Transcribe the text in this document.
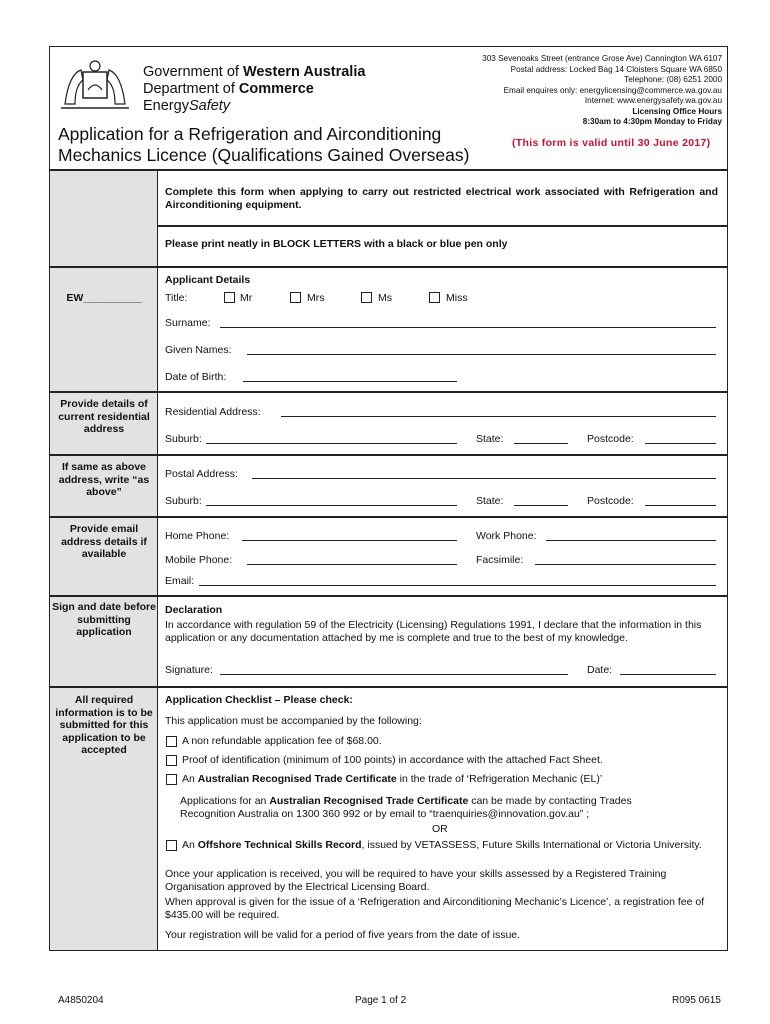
Government of Western Australia
Department of Commerce
EnergySafety
303 Sevenoaks Street (entrance Grose Ave) Cannington WA 6107
Postal address: Locked Bag 14 Cloisters Square WA 6850
Telephone: (08) 6251 2000
Email enquires only: energylicensing@commerce.wa.gov.au
Internet: www.energysafety.wa.gov.au
Licensing Office Hours
8:30am to 4:30pm Monday to Friday
Application for a Refrigeration and Airconditioning
Mechanics Licence (Qualifications Gained Overseas)
(This form is valid until 30 June 2017)
Complete this form when applying to carry out restricted electrical work associated with Refrigeration and Airconditioning equipment.
Please print neatly in BLOCK LETTERS with a black or blue pen only
EW__________
Applicant Details
Title:	Mr	Mrs	Ms	Miss
Surname:
Given Names:
Date of Birth:
Provide details of current residential address
Residential Address:
Suburb:	State:	Postcode:
If same as above address, write “as above”
Postal Address:
Suburb:	State:	Postcode:
Provide email address details if available
Home Phone:	Work Phone:
Mobile Phone:	Facsimile:
Email:
Sign and date before submitting application
Declaration
In accordance with regulation 59 of the Electricity (Licensing) Regulations 1991, I declare that the information in this application or any documentation attached by me is complete and true to the best of my knowledge.
Signature:	Date:
All required information is to be submitted for this application to be accepted
Application Checklist – Please check:
This application must be accompanied by the following:
A non refundable application fee of $68.00.
Proof of identification (minimum of 100 points) in accordance with the attached Fact Sheet.
An Australian Recognised Trade Certificate in the trade of ‘Refrigeration Mechanic (EL)’
Applications for an Australian Recognised Trade Certificate can be made by contacting Trades Recognition Australia on 1300 360 992 or by email to “traenquiries@innovation.gov.au” ;
OR
An Offshore Technical Skills Record, issued by VETASSESS, Future Skills International or Victoria University.
Once your application is received, you will be required to have your skills assessed by a Registered Training Organisation approved by the Electrical Licensing Board.
When approval is given for the issue of a ‘Refrigeration and Airconditioning Mechanic’s Licence’, a registration fee of $435.00 will be required.
Your registration will be valid for a period of five years from the date of issue.
A4850204	Page 1 of 2	R095 0615
